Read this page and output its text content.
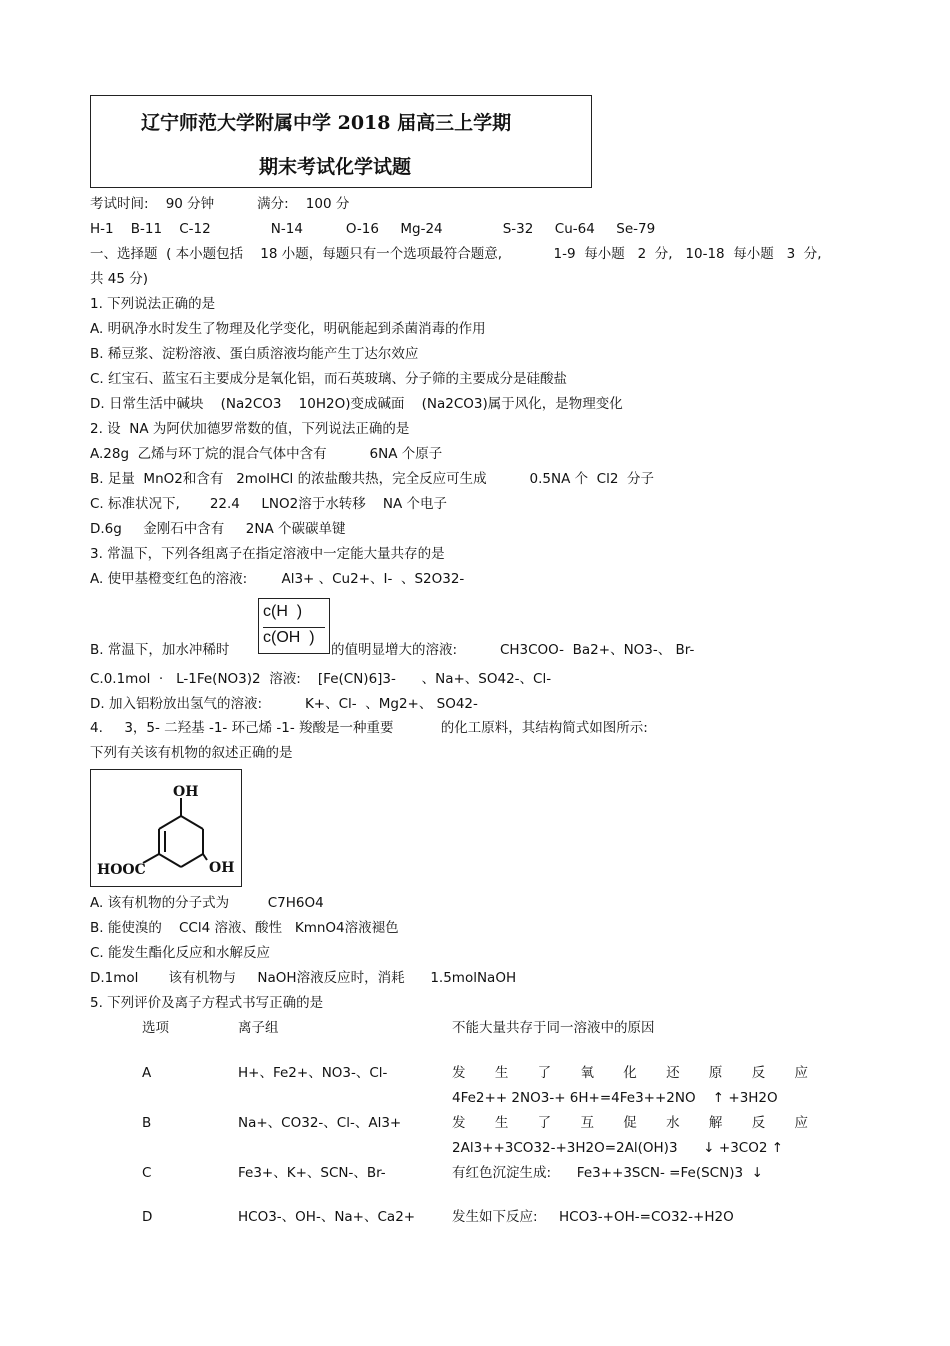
辽宁师范大学附属中学 2018 届高三上学期
期末考试化学试题
考试时间:    90 分钟          满分:    100 分
H-1    B-11    C-12              N-14          O-16     Mg-24              S-32     Cu-64     Se-79
一、选择题  ( 本小题包括    18 小题，每题只有一个选项最符合题意,            1-9  每小题   2  分,   10-18  每小题   3  分,
共 45 分)
1. 下列说法正确的是
A. 明矾净水时发生了物理及化学变化，明矾能起到杀菌消毒的作用
B. 稀豆浆、淀粉溶液、蛋白质溶液均能产生丁达尔效应
C. 红宝石、蓝宝石主要成分是氧化铝，而石英玻璃、分子筛的主要成分是硅酸盐
D. 日常生活中碱块    (Na2CO3    10H2O)变成碱面    (Na2CO3)属于风化，是物理变化
2. 设  NA 为阿伏加德罗常数的值，下列说法正确的是
A.28g  乙烯与环丁烷的混合气体中含有          6NA 个原子
B. 足量  MnO2和含有   2molHCl 的浓盐酸共热，完全反应可生成          0.5NA 个  Cl2  分子
C. 标准状况下,       22.4     LNO2溶于水转移    NA 个电子
D.6g     金刚石中含有     2NA 个碳碳单键
3. 常温下，下列各组离子在指定溶液中一定能大量共存的是
A. 使甲基橙变红色的溶液:        Al3+ 、Cu2+、I-  、S2O32-
c(H  )
c(OH  )
B. 常温下，加水冲稀时	的值明显增大的溶液:          CH3COO-  Ba2+、NO3-、 Br-
C.0.1mol  ·   L-1Fe(NO3)2  溶液:    [Fe(CN)6]3-      、Na+、SO42-、Cl-
D. 加入铝粉放出氢气的溶液:          K+、Cl-  、Mg2+、 SO42-
4.     3，5- 二羟基 -1- 环己烯 -1- 羧酸是一种重要           的化工原料，其结构简式如图所示:
下列有关该有机物的叙述正确的是
OH
HOOC	OH
A. 该有机物的分子式为         C7H6O4
B. 能使溴的    CCl4 溶液、酸性   KmnO4溶液褪色
C. 能发生酯化反应和水解反应
D.1mol       该有机物与     NaOH溶液反应时，消耗      1.5molNaOH
5. 下列评价及离子方程式书写正确的是
选项	离子组	不能大量共存于同一溶液中的原因
A	H+、Fe2+、NO3-、Cl-	发 生 了 氧 化 还 原 反 应
4Fe2++ 2NO3-+ 6H+=4Fe3++2NO    ↑ +3H2O
B	Na+、CO32-、Cl-、Al3+	发 生 了 互 促 水 解 反 应
2Al3++3CO32-+3H2O=2Al(OH)3      ↓ +3CO2 ↑
C	Fe3+、K+、SCN-、Br-	有红色沉淀生成:      Fe3++3SCN- =Fe(SCN)3  ↓
D	HCO3-、OH-、Na+、Ca2+	发生如下反应:     HCO3-+OH-=CO32-+H2O
